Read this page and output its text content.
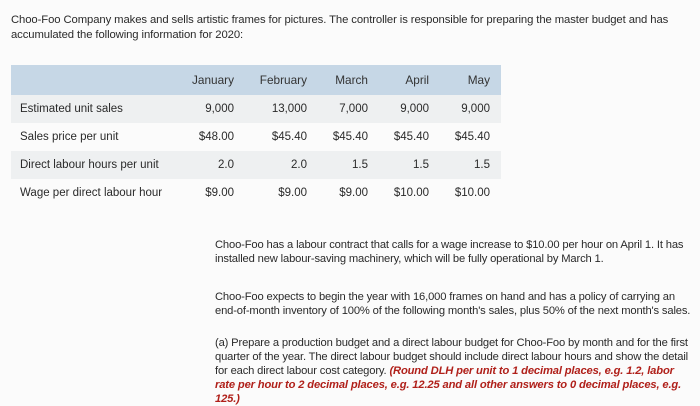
Choo-Foo Company makes and sells artistic frames for pictures. The controller is responsible for preparing the master budget and has accumulated the following information for 2020:
January	February	March	April	May
Estimated unit sales	9,000	13,000	7,000	9,000	9,000
Sales price per unit	$48.00	$45.40	$45.40 $45.40	$45.40
Direct labour hours per unit	2.0	2.0	1.5	1.5	1.5
Wage per direct labour hour	$9.00	$9.00	$9.00 $10.00	$10.00
Choo-Foo has a labour contract that calls for a wage increase to $10.00 per hour on April 1. It has installed new labour-saving machinery, which will be fully operational by March 1.
Choo-Foo expects to begin the year with 16,000 frames on hand and has a policy of carrying an end-of-month inventory of 100% of the following month's sales, plus 50% of the next month's sales.
(a) Prepare a production budget and a direct labour budget for Choo-Foo by month and for the first quarter of the year. The direct labour budget should include direct labour hours and show the detail for each direct labour cost category. (Round DLH per unit to 1 decimal places, e.g. 1.2, labor rate per hour to 2 decimal places, e.g. 12.25 and all other answers to 0 decimal places, e.g. 125.)
